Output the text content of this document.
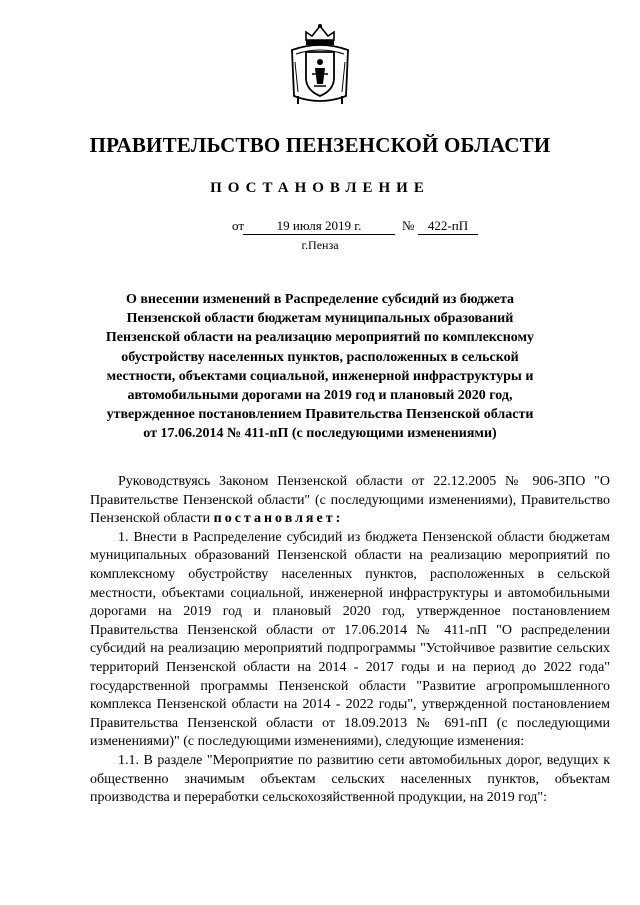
ПРАВИТЕЛЬСТВО ПЕНЗЕНСКОЙ ОБЛАСТИ
ПОСТАНОВЛЕНИЕ
от	19 июля 2019 г.	№	422-пП
г.Пенза
О внесении изменений в Распределение субсидий из бюджета Пензенской области бюджетам муниципальных образований Пензенской области на реализацию мероприятий по комплексному обустройству населенных пунктов, расположенных в сельской местности, объектами социальной, инженерной инфраструктуры и автомобильными дорогами на 2019 год и плановый 2020 год, утвержденное постановлением Правительства Пензенской области от 17.06.2014 № 411-пП (с последующими изменениями)

Руководствуясь Законом Пензенской области от 22.12.2005 № 906-ЗПО "О Правительстве Пензенской области" (с последующими изменениями), Правительство Пензенской области постановляет:

1. Внести в Распределение субсидий из бюджета Пензенской области бюджетам муниципальных образований Пензенской области на реализацию мероприятий по комплексному обустройству населенных пунктов, расположенных в сельской местности, объектами социальной, инженерной инфраструктуры и автомобильными дорогами на 2019 год и плановый 2020 год, утвержденное постановлением Правительства Пензенской области от 17.06.2014 № 411-пП "О распределении субсидий на реализацию мероприятий подпрограммы "Устойчивое развитие сельских территорий Пензенской области на 2014 - 2017 годы и на период до 2022 года" государственной программы Пензенской области "Развитие агропромышленного комплекса Пензенской области на 2014 - 2022 годы", утвержденной постановлением Правительства Пензенской области от 18.09.2013 № 691-пП (с последующими изменениями)" (с последующими изменениями), следующие изменения:

1.1. В разделе "Мероприятие по развитию сети автомобильных дорог, ведущих к общественно значимым объектам сельских населенных пунктов, объектам производства и переработки сельскохозяйственной продукции, на 2019 год":
